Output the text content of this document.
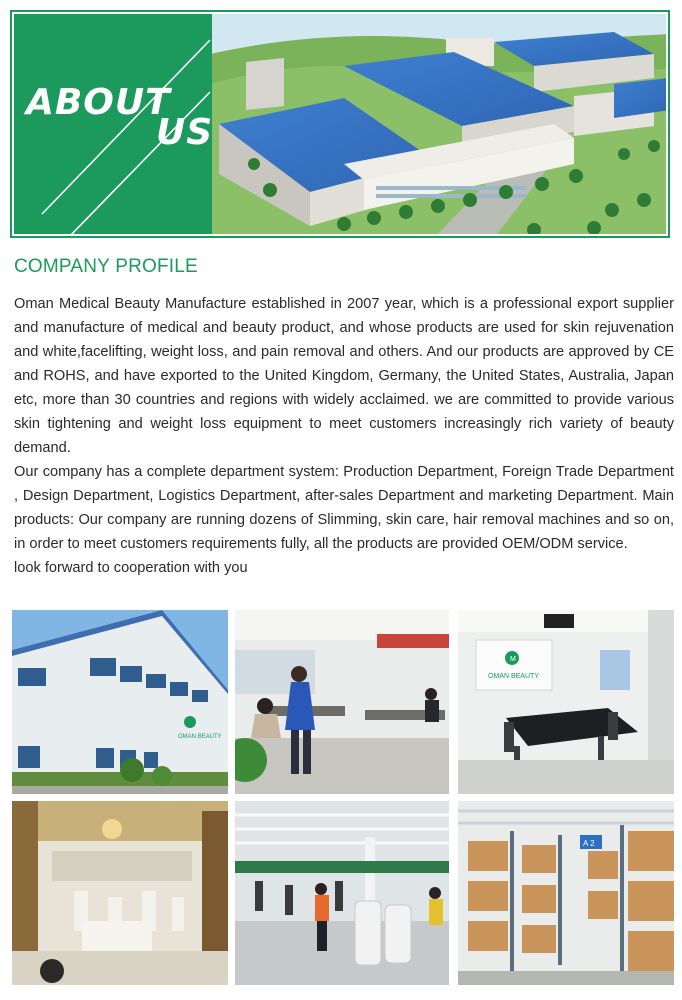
ABOUT
US
COMPANY PROFILE

Oman Medical Beauty Manufacture established in 2007 year, which is a professional export supplier and manufacture of medical and beauty product, and whose products are used for skin rejuvenation and white,facelifting, weight loss, and pain removal and others. And our products are approved by CE and ROHS, and have exported to the United Kingdom, Germany, the United States, Australia, Japan etc, more than 30 countries and regions with widely acclaimed. we are committed to provide various skin tightening and weight loss equipment to meet customers increasingly rich variety of beauty demand.

Our company has a complete department system: Production Department, Foreign Trade Department , Design Department, Logistics Department, after-sales Department and marketing Department. Main products: Our company are running dozens of Slimming, skin care, hair removal machines and so on, in order to meet customers requirements fully, all the products are provided OEM/ODM service.

look forward to cooperation with you

OMAN BEAUTY
M
OMAN BEAUTY
A 2
